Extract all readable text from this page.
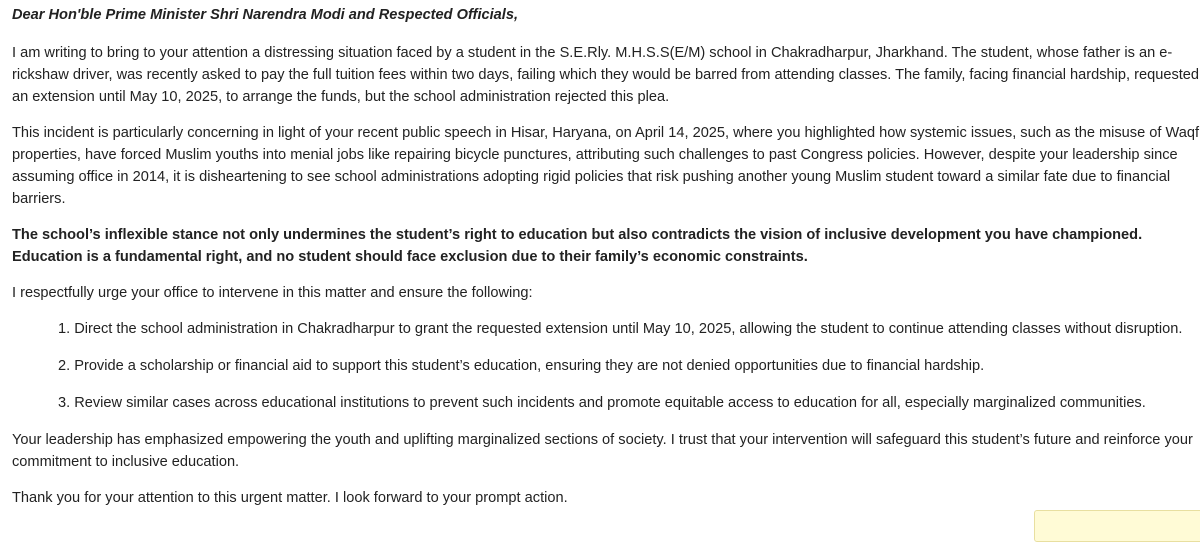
Dear Hon'ble Prime Minister Shri Narendra Modi and Respected Officials,

I am writing to bring to your attention a distressing situation faced by a student in the S.E.Rly. M.H.S.S(E/M) school in Chakradharpur, Jharkhand. The student, whose father is an e-rickshaw driver, was recently asked to pay the full tuition fees within two days, failing which they would be barred from attending classes. The family, facing financial hardship, requested an extension until May 10, 2025, to arrange the funds, but the school administration rejected this plea.

This incident is particularly concerning in light of your recent public speech in Hisar, Haryana, on April 14, 2025, where you highlighted how systemic issues, such as the misuse of Waqf properties, have forced Muslim youths into menial jobs like repairing bicycle punctures, attributing such challenges to past Congress policies. However, despite your leadership since assuming office in 2014, it is disheartening to see school administrations adopting rigid policies that risk pushing another young Muslim student toward a similar fate due to financial barriers.

The school’s inflexible stance not only undermines the student’s right to education but also contradicts the vision of inclusive development you have championed. Education is a fundamental right, and no student should face exclusion due to their family’s economic constraints.

I respectfully urge your office to intervene in this matter and ensure the following:

1. Direct the school administration in Chakradharpur to grant the requested extension until May 10, 2025, allowing the student to continue attending classes without disruption.
2. Provide a scholarship or financial aid to support this student’s education, ensuring they are not denied opportunities due to financial hardship.
3. Review similar cases across educational institutions to prevent such incidents and promote equitable access to education for all, especially marginalized communities.

Your leadership has emphasized empowering the youth and uplifting marginalized sections of society. I trust that your intervention will safeguard this student’s future and reinforce your commitment to inclusive education.

Thank you for your attention to this urgent matter. I look forward to your prompt action.
